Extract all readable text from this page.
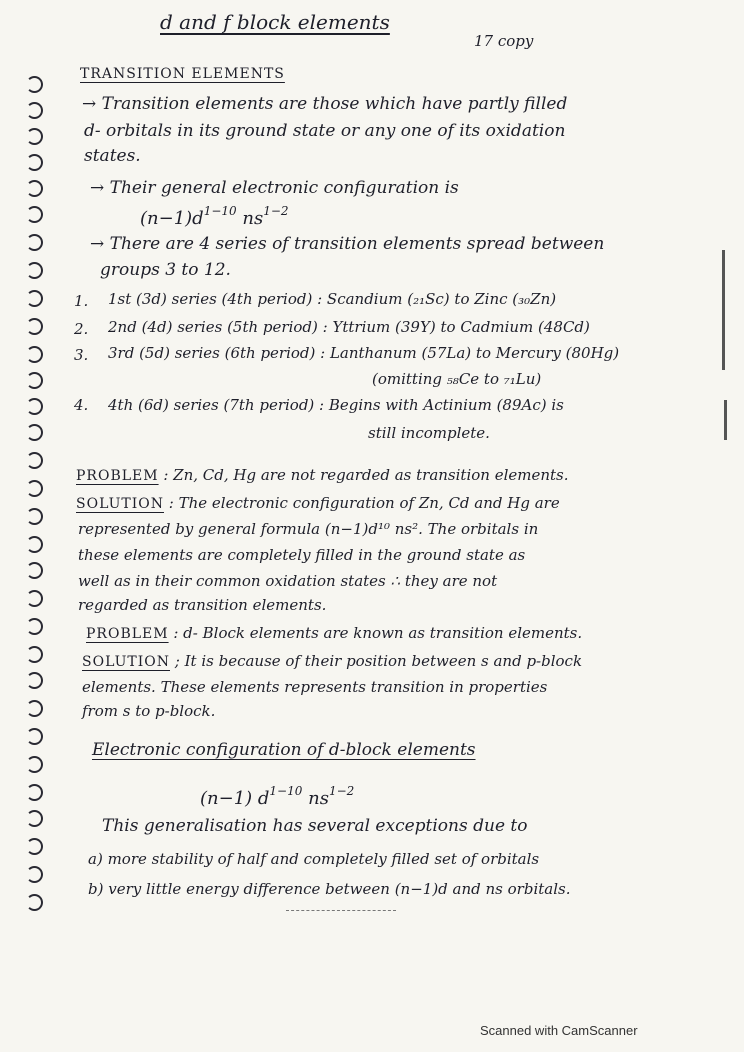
d and f block elements
17 copy
TRANSITION ELEMENTS
→ Transition elements are those which have partly filled
d- orbitals in its ground state or any one of its oxidation
states.
→ Their general electronic configuration is
$(n-1)d^{1-10}$ $ns^{1-2}$
→ There are 4 series of transition elements spread between
groups 3 to 12.
1. 1st (3d) series (4th period) : Scandium (₂₁Sc) to Zinc (₃₀Zn)
2. 2nd (4d) series (5th period) : Yttrium (39Y) to Cadmium (48Cd)
3. 3rd (5d) series (6th period) : Lanthanum (57La) to Mercury (80Hg)
(omitting ₅₈Ce to ₇₁Lu)
4. 4th (6d) series (7th period) : Begins with Actinium (89Ac) is
still incomplete.
PROBLEM : Zn, Cd, Hg are not regarded as transition elements.
SOLUTION : The electronic configuration of Zn, Cd and Hg are
represented by general formula (n−1)d¹⁰ ns². The orbitals in
these elements are completely filled in the ground state as
well as in their common oxidation states ∴ they are not
regarded as transition elements.
PROBLEM : d- Block elements are known as transition elements.
SOLUTION ; It is because of their position between s and p-block
elements. These elements represents transition in properties
from s to p-block.
Electronic configuration of d-block elements
(n−1) $d^{1-10}$ $ns^{1-2}$
This generalisation has several exceptions due to
a) more stability of half and completely filled set of orbitals
b) very little energy difference between (n−1)d and ns orbitals.
Scanned with CamScanner
